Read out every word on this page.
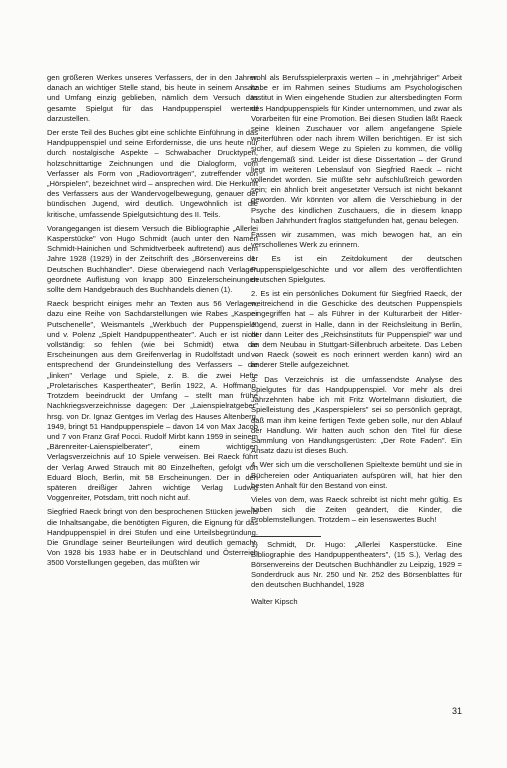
gen größeren Werkes unseres Verfassers, der in den Jahren danach an wichtiger Stelle stand, bis heute in seinem Ansatz und Umfang einzig geblieben, nämlich dem Versuch das gesamte Spielgut für das Handpuppenspiel wertend darzustellen.

Der erste Teil des Buches gibt eine schlichte Einführung in das Handpuppenspiel und seine Erfordernisse, die uns heute nur durch nostalgische Aspekte – Schwabacher Drucktypen, holzschnittartige Zeichnungen und die Dialogform, vom Verfasser als Form von „Radiovorträgen", zutreffender von „Hörspielen", bezeichnet wird – ansprechen wird. Die Herkunft des Verfassers aus der Wandervogelbewegung, genauer der bündischen Jugend, wird deutlich. Ungewöhnlich ist die kritische, umfassende Spielgutsichtung des II. Teils.

Vorangegangen ist diesem Versuch die Bibliographie „Allerlei Kasperstücke" von Hugo Schmidt (auch unter den Namen Schmidt-Hainichen und Schmidtverbeek auftretend) aus dem Jahre 1928 (1929) in der Zeitschrift des „Börsenvereins der Deutschen Buchhändler". Diese überwiegend nach Verlagen geordnete Auflistung von knapp 300 Einzelerscheinungen sollte dem Handgebrauch des Buchhandels dienen (1).

Raeck bespricht einiges mehr an Texten aus 56 Verlagen, dazu eine Reihe von Sachdarstellungen wie Rabes „Kasper Putschenelle", Weismantels „Werkbuch der Puppenspiele" und v. Polenz „Spielt Handpuppentheater". Auch er ist nicht vollständig: so fehlen (wie bei Schmidt) etwa die Erscheinungen aus dem Greifenverlag in Rudolfstadt und – entsprechend der Grundeinstellung des Verfassers – die „linken" Verlage und Spiele, z. B. die zwei Hefte „Proletarisches Kaspertheater", Berlin 1922, A. Hoffmann. Trotzdem beeindruckt der Umfang – stellt man frühe Nachkriegsverzeichnisse dagegen: Der „Laienspielratgeber" hrsg. von Dr. Ignaz Gentges im Verlag des Hauses Altenberg, 1949, bringt 51 Handpuppenspiele – davon 14 von Max Jacob und 7 von Franz Graf Pocci. Rudolf Mirbt kann 1959 in seinem „Bärenreiter-Laienspielberater", einem wichtigen Verlagsverzeichnis auf 10 Spiele verweisen. Bei Raeck führt der Verlag Arwed Strauch mit 80 Einzelheften, gefolgt von Eduard Bloch, Berlin, mit 58 Erscheinungen. Der in den späteren dreißiger Jahren wichtige Verlag Ludwig Voggenreiter, Potsdam, tritt noch nicht auf.

Siegfried Raeck bringt von den besprochenen Stücken jeweils die Inhaltsangabe, die benötigten Figuren, die Eignung für das Handpuppenspiel in drei Stufen und eine Urteilsbegründung. Die Grundlage seiner Beurteilungen wird deutlich gemacht. Von 1928 bis 1933 habe er in Deutschland und Österreich 3500 Vorstellungen gegeben, das müßten wir

wohl als Berufsspielerpraxis werten – in „mehrjähriger" Arbeit habe er im Rahmen seines Studiums am Psychologischen Institut in Wien eingehende Studien zur altersbedingten Form des Handpuppenspiels für Kinder unternommen, und zwar als Vorarbeiten für eine Promotion. Bei diesen Studien läßt Raeck seine kleinen Zuschauer vor allem angefangene Spiele weiterführen oder nach ihrem Willen berichtigen. Er ist sich sicher, auf diesem Wege zu Spielen zu kommen, die völlig stufengemäß sind. Leider ist diese Dissertation – der Grund liegt im weiteren Lebenslauf von Siegfried Raeck – nicht vollendet worden. Sie müßte sehr aufschlußreich geworden sein; ein ähnlich breit angesetzter Versuch ist nicht bekannt geworden. Wir könnten vor allem die Verschiebung in der Psyche des kindlichen Zuschauers, die in diesem knapp halben Jahrhundert fraglos stattgefunden hat, genau belegen.

Fassen wir zusammen, was mich bewogen hat, an ein verschollenes Werk zu erinnern.

1. Es ist ein Zeitdokument der deutschen Puppenspielgeschichte und vor allem des veröffentlichten deutschen Spielgutes.

2. Es ist ein persönliches Dokument für Siegfried Raeck, der weitreichend in die Geschicke des deutschen Puppenspiels eingegriffen hat – als Führer in der Kulturarbeit der Hitler-Jugend, zuerst in Halle, dann in der Reichsleitung in Berlin, der dann Leiter des „Reichsinstituts für Puppenspiel" war und an dem Neubau in Stuttgart-Sillenbruch arbeitete. Das Leben von Raeck (soweit es noch erinnert werden kann) wird an anderer Stelle aufgezeichnet.

3. Das Verzeichnis ist die umfassendste Analyse des Spielgutes für das Handpuppenspiel. Vor mehr als drei Jahrzehnten habe ich mit Fritz Wortelmann diskutiert, die Spielleistung des „Kasperspielers" sei so persönlich geprägt, daß man ihm keine fertigen Texte geben solle, nur den Ablauf der Handlung. Wir hatten auch schon den Titel für diese Sammlung von Handlungsgerüsten: „Der Rote Faden". Ein Ansatz dazu ist dieses Buch.

4. Wer sich um die verschollenen Spieltexte bemüht und sie in Büchereien oder Antiquariaten aufspüren will, hat hier den besten Anhalt für den Bestand von einst.

Vieles von dem, was Raeck schreibt ist nicht mehr gültig. Es haben sich die Zeiten geändert, die Kinder, die Problemstellungen. Trotzdem – ein lesenswertes Buch!

1) Schmidt, Dr. Hugo: „Allerlei Kasperstücke. Eine Bibliographie des Handpuppentheaters", (15 S.), Verlag des Börsenvereins der Deutschen Buchhändler zu Leipzig, 1929 = Sonderdruck aus Nr. 250 und Nr. 252 des Börsenblattes für den deutschen Buchhandel, 1928

Walter Kipsch
31
